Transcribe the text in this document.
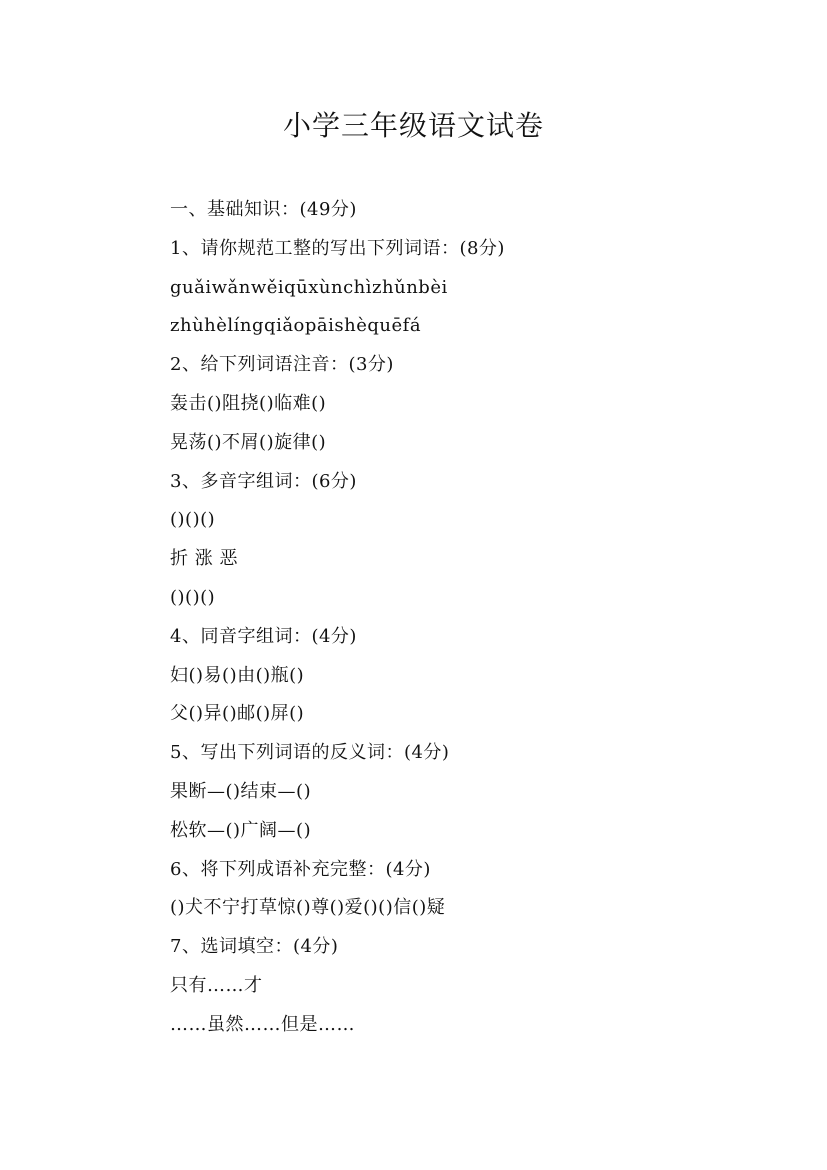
小学三年级语文试卷
一、基础知识：(49分)
1、请你规范工整的写出下列词语：(8分)
guǎiwǎnwěiqūxùnchìzhǔnbèi
zhùhèlíngqiǎopāishèquēfá
2、给下列词语注音：(3分)
轰击()阻挠()临难()
晃荡()不屑()旋律()
3、多音字组词：(6分)
()()()
折 涨 恶
()()()
4、同音字组词：(4分)
妇()易()由()瓶()
父()异()邮()屏()
5、写出下列词语的反义词：(4分)
果断—()结束—()
松软—()广阔—()
6、将下列成语补充完整：(4分)
()犬不宁打草惊()尊()爱()()信()疑
7、选词填空：(4分)
只有……才
……虽然……但是……
